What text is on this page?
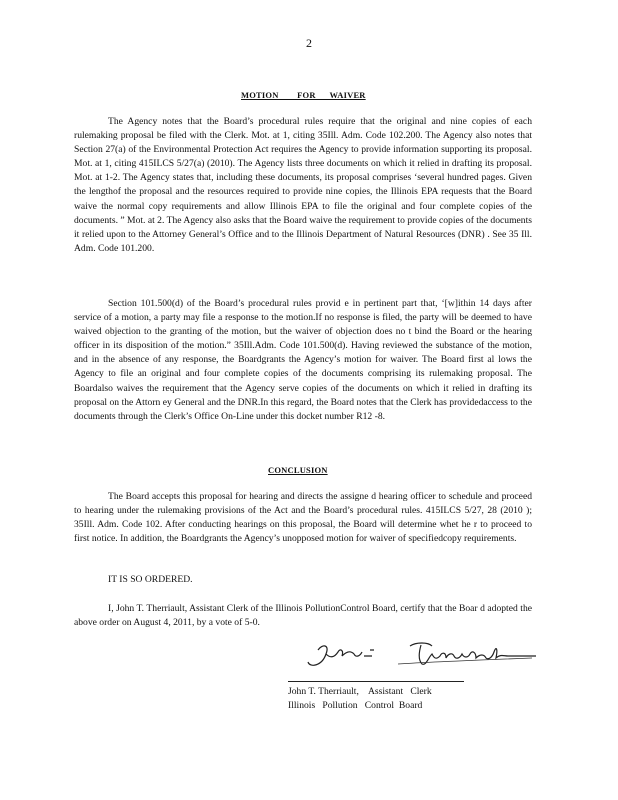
2
MOTION        FOR      WAIVER

The Agency notes that the Board’s procedural rules require that the original and nine copies of each rulemaking proposal be filed with the Clerk. Mot. at 1, citing 35Ill. Adm. Code 102.200. The Agency also notes that Section 27(a) of the Environmental Protection Act requires the Agency to provide information supporting its proposal. Mot. at 1, citing 415ILCS 5/27(a) (2010). The Agency lists three documents on which it relied in drafting its proposal. Mot. at 1-2. The Agency states that, including these documents, its proposal comprises ‘several hundred pages. Given the lengthof the proposal and the resources required to provide nine copies, the Illinois EPA requests that the Board waive the normal copy requirements and allow Illinois EPA to file the original and four complete copies of the documents. ” Mot. at 2. The Agency also asks that the Board waive the requirement to provide copies of the documents it relied upon to the Attorney General’s Office and to the Illinois Department of Natural Resources (DNR) . See 35 Ill. Adm. Code 101.200.

Section 101.500(d) of the Board’s procedural rules provid e in pertinent part that, ‘[w]ithin 14 days after service of a motion, a party may file a response to the motion.If no response is filed, the party will be deemed to have waived objection to the granting of the motion, but the waiver of objection does no t bind the Board or the hearing officer in its disposition of the motion.” 35Ill.Adm. Code 101.500(d). Having reviewed the substance of the motion, and in the absence of any response, the Boardgrants the Agency’s motion for waiver. The Board first al lows the Agency to file an original and four complete copies of the documents comprising its rulemaking proposal. The Boardalso waives the requirement that the Agency serve copies of the documents on which it relied in drafting its proposal on the Attorn ey General and the DNR.In this regard, the Board notes that the Clerk has providedaccess to the documents through the Clerk’s Office On-Line under this docket number R12 -8.

CONCLUSION

The Board accepts this proposal for hearing and directs the assigne d hearing officer to schedule and proceed to hearing under the rulemaking provisions of the Act and the Board’s procedural rules. 415ILCS 5/27, 28 (2010 ); 35Ill. Adm. Code 102. After conducting hearings on this proposal, the Board will determine whet he r to proceed to first notice. In addition, the Boardgrants the Agency’s unopposed motion for waiver of specifiedcopy requirements.

IT IS SO ORDERED.

I, John T. Therriault, Assistant Clerk of the Illinois PollutionControl Board, certify that the Boar d adopted the above order on August 4, 2011, by a vote of 5-0.

John T. Therriault,    Assistant   Clerk
Illinois   Pollution   Control  Board
